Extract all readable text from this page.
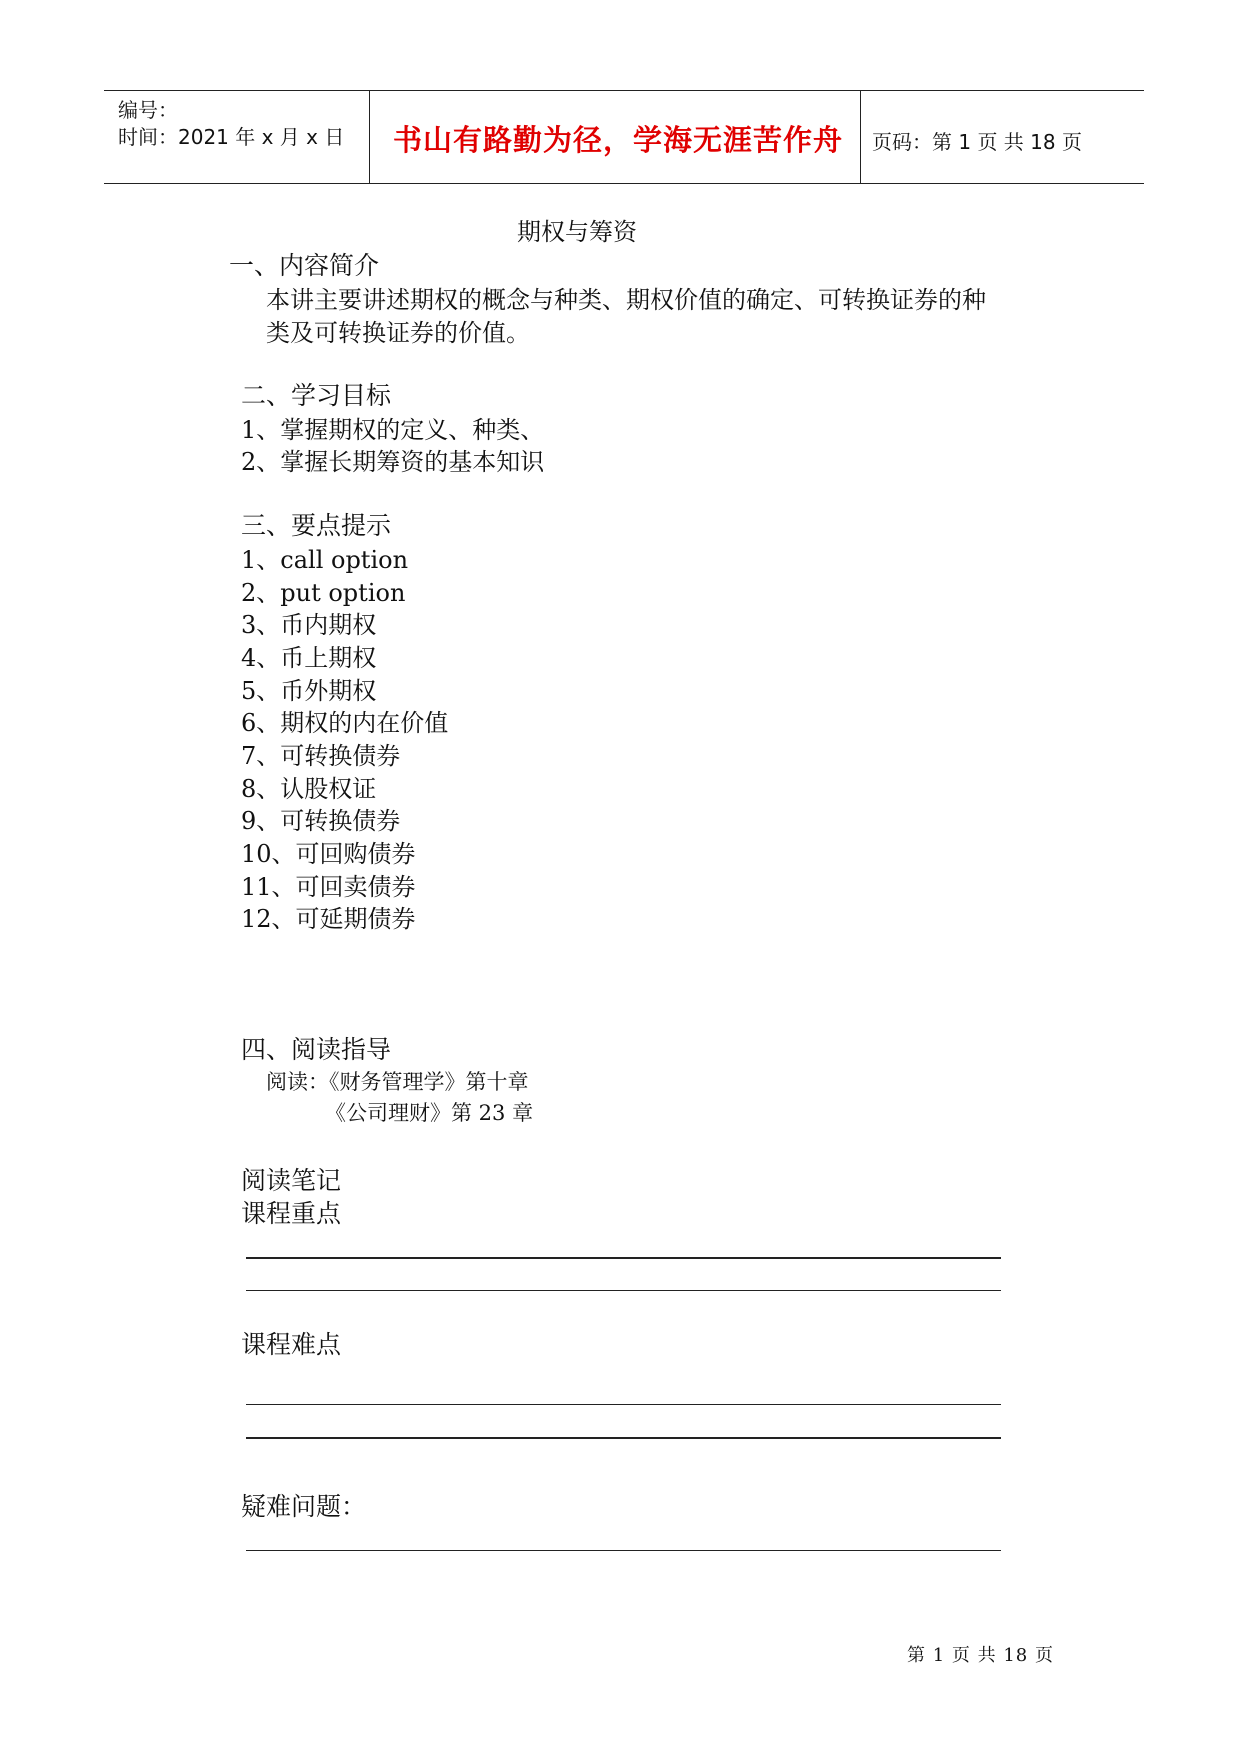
编号：
时间：2021 年 x 月 x 日 书山有路勤为径，学海无涯苦作舟 页码：第 1 页 共 18 页
期权与筹资
一、内容简介
本讲主要讲述期权的概念与种类、期权价值的确定、可转换证券的种
类及可转换证券的价值。
二、学习目标
1、掌握期权的定义、种类、
2、掌握长期筹资的基本知识
三、要点提示
1、call option
2、put option
3、币内期权
4、币上期权
5、币外期权
6、期权的内在价值
7、可转换债券
8、认股权证
9、可转换债券
10、可回购债券
11、可回卖债券
12、可延期债券
四、阅读指导
阅读：《财务管理学》第十章
《公司理财》第 23 章
阅读笔记
课程重点
课程难点
疑难问题：
第 1 页 共 18 页
